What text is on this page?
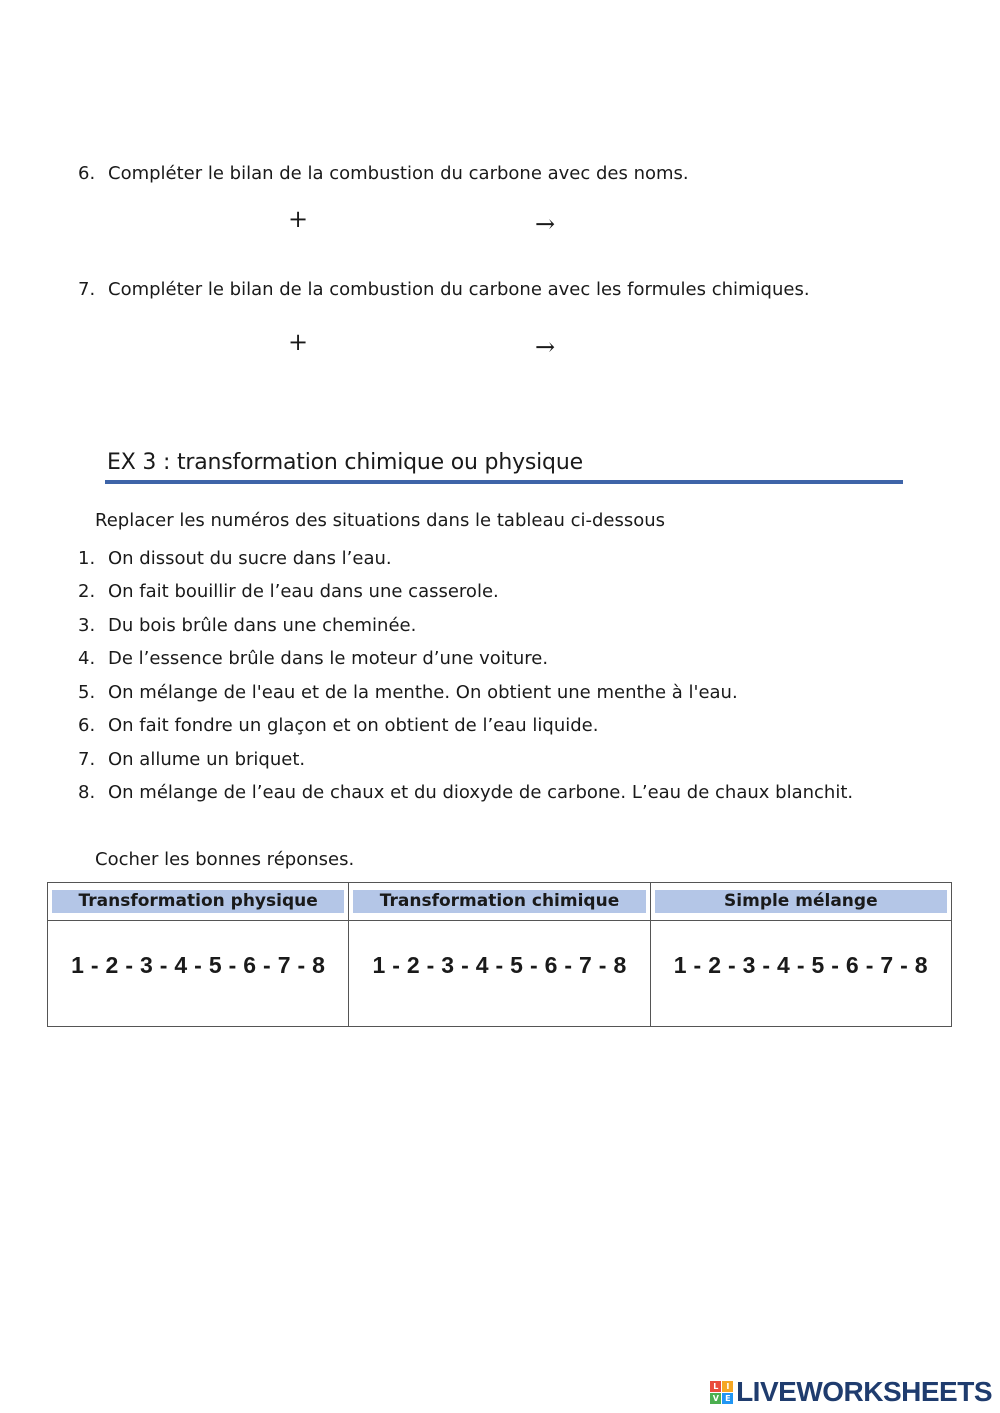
6. Compléter le bilan de la combustion du carbone avec des noms.
+	→
7. Compléter le bilan de la combustion du carbone avec les formules chimiques.
+	→
EX 3 : transformation chimique ou physique
Replacer les numéros des situations dans le tableau ci-dessous
1. On dissout du sucre dans l’eau.
2. On fait bouillir de l’eau dans une casserole.
3. Du bois brûle dans une cheminée.
4. De l’essence brûle dans le moteur d’une voiture.
5. On mélange de l'eau et de la menthe. On obtient une menthe à l'eau.
6. On fait fondre un glaçon et on obtient de l’eau liquide.
7. On allume un briquet.
8. On mélange de l’eau de chaux et du dioxyde de carbone. L’eau de chaux blanchit.
Cocher les bonnes réponses.
Transformation physique	Transformation chimique	Simple mélange

1 - 2 - 3 - 4 - 5 - 6 - 7 - 8	1 - 2 - 3 - 4 - 5 - 6 - 7 - 8	1 - 2 - 3 - 4 - 5 - 6 - 7 - 8
L	I
V E LIVEWORKSHEETS
